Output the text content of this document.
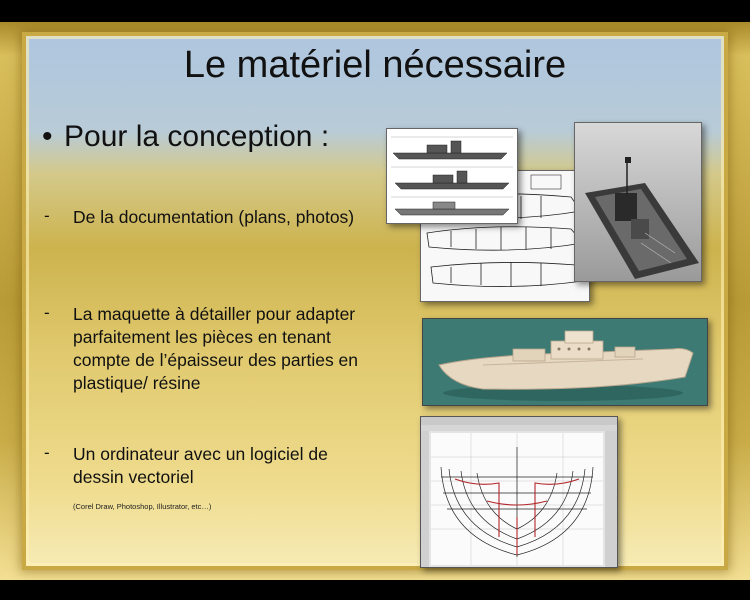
Le matériel nécessaire
• Pour la conception :
- De la documentation (plans, photos)
- La maquette à détailler pour adapter
parfaitement les pièces en tenant
compte de l’épaisseur des parties en
plastique/ résine
- Un ordinateur avec un logiciel de
dessin vectoriel
(Corel Draw, Photoshop, Illustrator, etc…)
